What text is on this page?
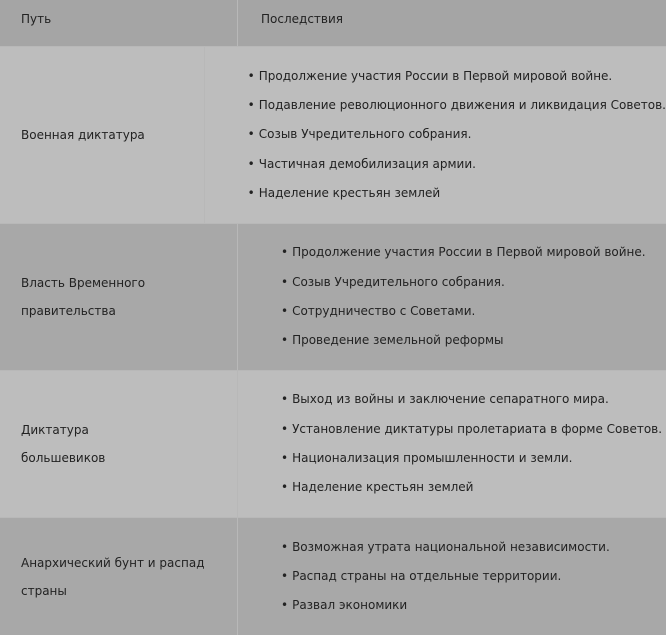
Путь	Последствия
Военная диктатура
• Продолжение участия России в Первой мировой войне.
• Подавление революционного движения и ликвидация Советов.
• Созыв Учредительного собрания.
• Частичная демобилизация армии.
• Наделение крестьян землей
Власть Временного правительства
• Продолжение участия России в Первой мировой войне.
• Созыв Учредительного собрания.
• Сотрудничество с Советами.
• Проведение земельной реформы
Диктатура
большевиков
• Выход из войны и заключение сепаратного мира.
• Установление диктатуры пролетариата в форме Советов.
• Национализация промышленности и земли.
• Наделение крестьян землей
Анархический бунт и распад страны
• Возможная утрата национальной независимости.
• Распад страны на отдельные территории.
• Развал экономики
